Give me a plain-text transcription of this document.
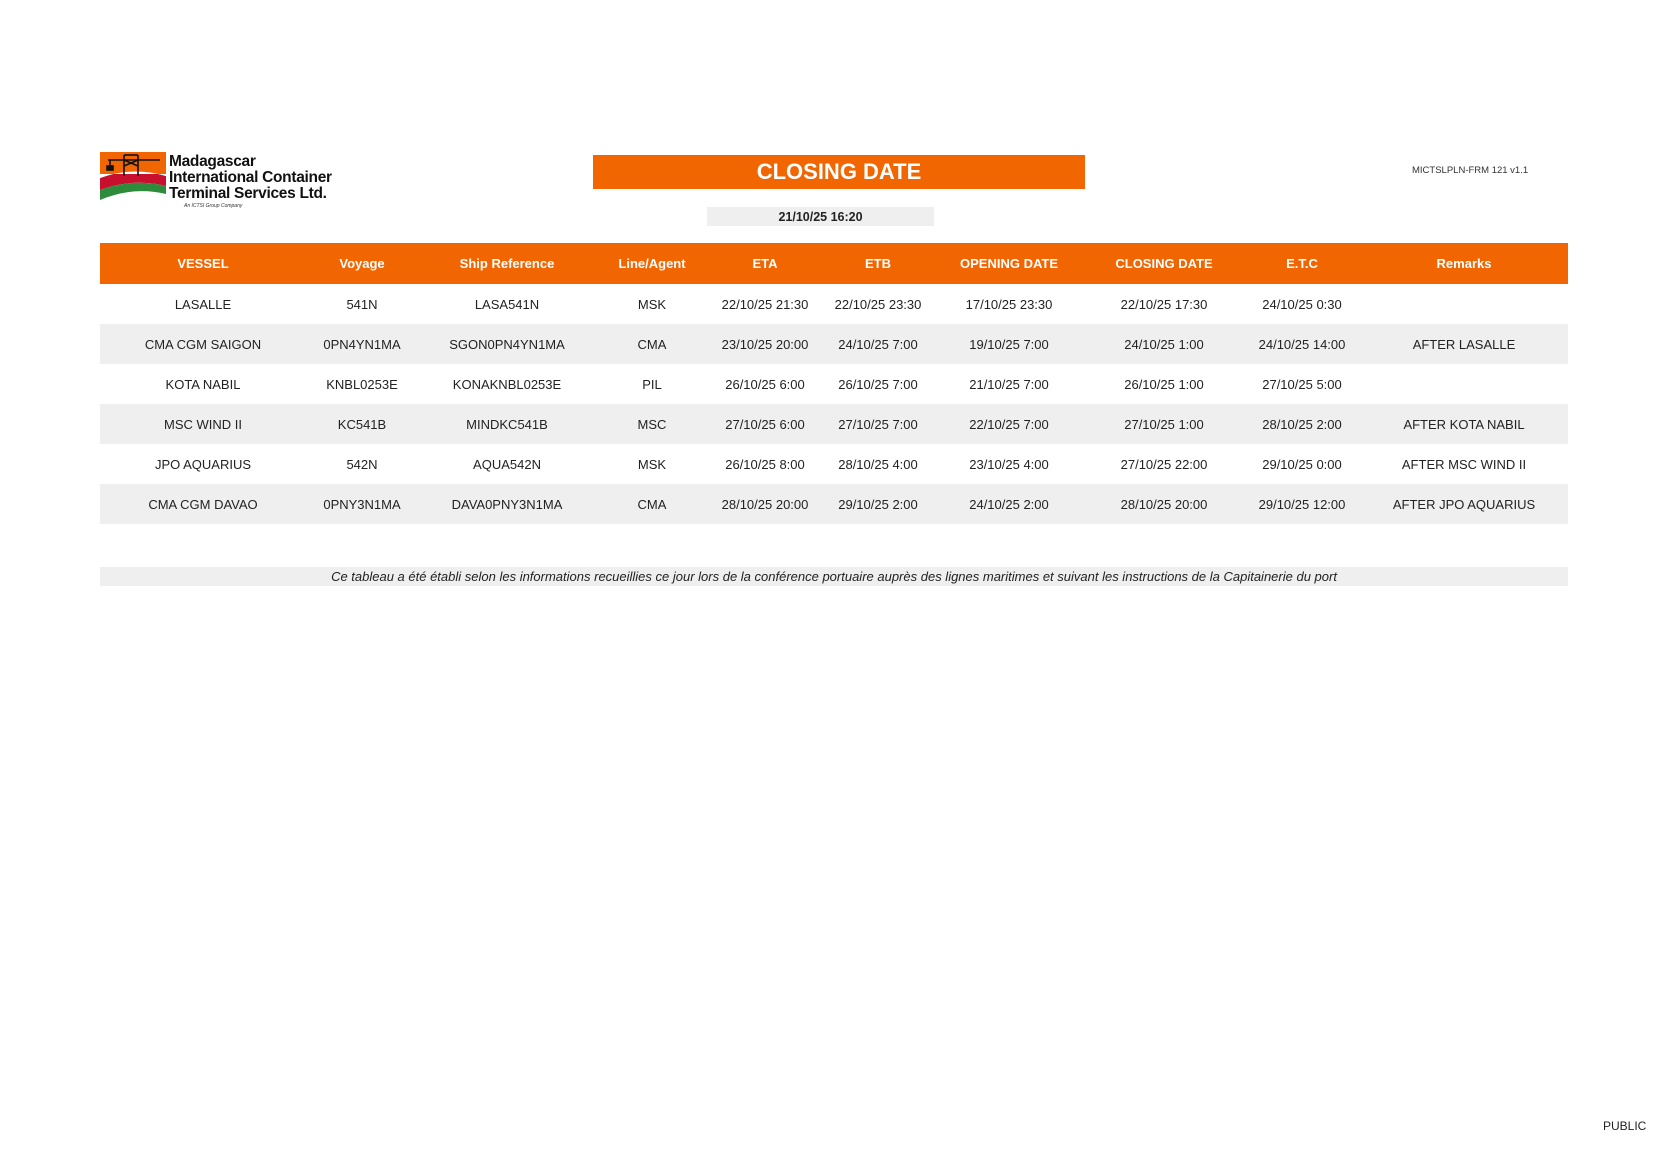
Madagascar
International Container
Terminal Services Ltd.
An ICTSI Group Company
CLOSING DATE	MICTSLPLN-FRM 121 v1.1
21/10/25 16:20
VESSEL	Voyage	Ship Reference	Line/Agent	ETA	ETB	OPENING DATE	CLOSING DATE	E.T.C	Remarks
LASALLE	541N	LASA541N	MSK	22/10/25 21:30	22/10/25 23:30	17/10/25 23:30	22/10/25 17:30	24/10/25 0:30	
CMA CGM SAIGON	0PN4YN1MA	SGON0PN4YN1MA	CMA	23/10/25 20:00	24/10/25 7:00	19/10/25 7:00	24/10/25 1:00	24/10/25 14:00	AFTER LASALLE
KOTA NABIL	KNBL0253E	KONAKNBL0253E	PIL	26/10/25 6:00	26/10/25 7:00	21/10/25 7:00	26/10/25 1:00	27/10/25 5:00	
MSC WIND II	KC541B	MINDKC541B	MSC	27/10/25 6:00	27/10/25 7:00	22/10/25 7:00	27/10/25 1:00	28/10/25 2:00	AFTER KOTA NABIL
JPO AQUARIUS	542N	AQUA542N	MSK	26/10/25 8:00	28/10/25 4:00	23/10/25 4:00	27/10/25 22:00	29/10/25 0:00	AFTER MSC WIND II
CMA CGM DAVAO	0PNY3N1MA	DAVA0PNY3N1MA	CMA	28/10/25 20:00	29/10/25 2:00	24/10/25 2:00	28/10/25 20:00	29/10/25 12:00	AFTER JPO AQUARIUS
Ce tableau a été établi selon les informations recueillies ce jour lors de la conférence portuaire auprès des lignes maritimes et suivant les instructions de la Capitainerie du port
PUBLIC
